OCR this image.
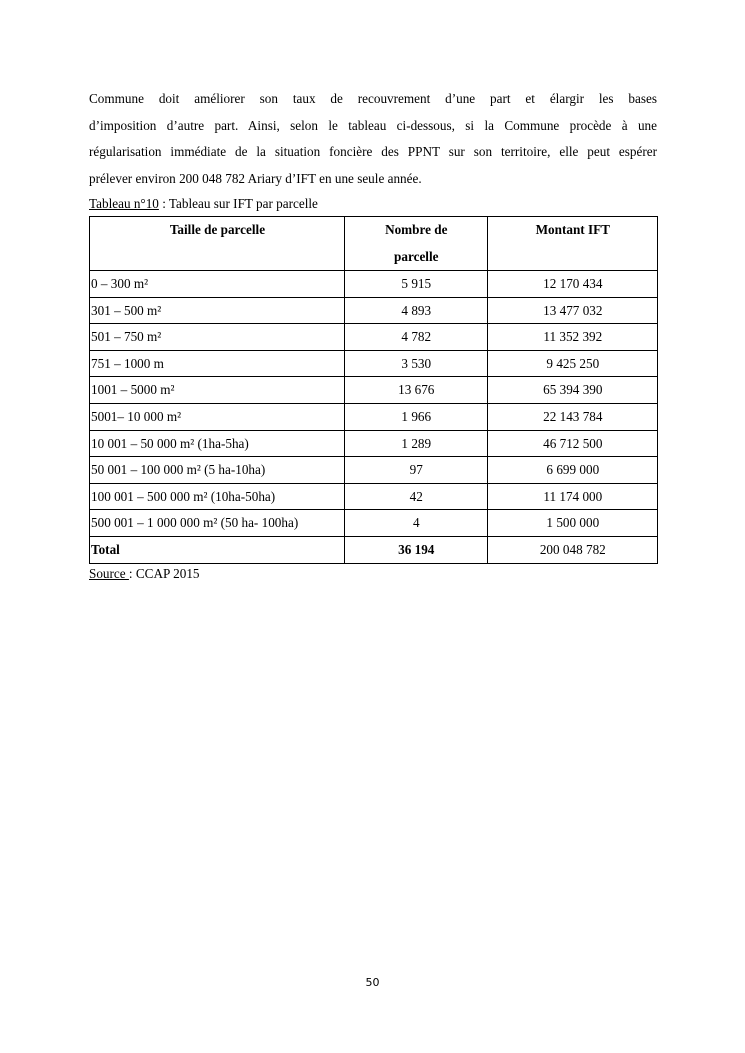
Commune doit améliorer son taux de recouvrement d’une part et élargir les bases
d’imposition d’autre part. Ainsi, selon le tableau ci-dessous, si la Commune procède à une
régularisation immédiate de la situation foncière des PPNT sur son territoire, elle peut espérer
prélever environ 200 048 782 Ariary d’IFT en une seule année.

Tableau n°10 : Tableau sur IFT par parcelle

Taille de parcelle	Nombre de parcelle	Montant IFT
0 – 300 m²	5 915	12 170 434
301 – 500 m²	4 893	13 477 032
501 – 750 m²	4 782	11 352 392
751 – 1000 m	3 530	9 425 250
1001 – 5000 m²	13 676	65 394 390
5001– 10 000 m²	1 966	22 143 784
10 001 – 50 000 m² (1ha-5ha)	1 289	46 712 500
50 001 – 100 000 m² (5 ha-10ha)	97	6 699 000
100 001 – 500 000 m² (10ha-50ha)	42	11 174 000
500 001 – 1 000 000 m² (50 ha- 100ha)	4	1 500 000
Total	36 194	200 048 782

Source : CCAP 2015

50
